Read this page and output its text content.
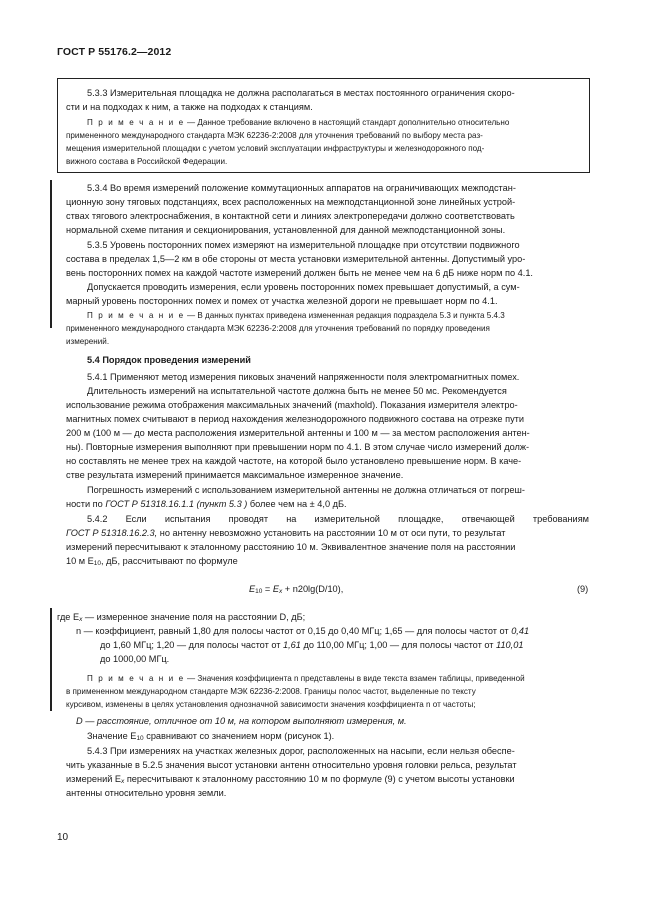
ГОСТ Р 55176.2—2012
5.3.3 Измерительная площадка не должна располагаться в местах постоянного ограничения скоро-
сти и на подходах к ним, а также на подходах к станциям.
П р и м е ч а н и е — Данное требование включено в настоящий стандарт дополнительно относительно
примененного международного стандарта МЭК 62236-2:2008 для уточнения требований по выбору места раз-
мещения измерительной площадки с учетом условий эксплуатации инфраструктуры и железнодорожного под-
вижного состава в Российской Федерации.
5.3.4 Во время измерений положение коммутационных аппаратов на ограничивающих межподстан-
ционную зону тяговых подстанциях, всех расположенных на межподстанционной зоне линейных устрой-
ствах тягового электроснабжения, в контактной сети и линиях электропередачи должно соответствовать
нормальной схеме питания и секционирования, установленной для данной межподстанционной зоны.
5.3.5 Уровень посторонних помех измеряют на измерительной площадке при отсутствии подвижного
состава в пределах 1,5—2 км в обе стороны от места установки измерительной антенны. Допустимый уро-
вень посторонних помех на каждой частоте измерений должен быть не менее чем на 6 дБ ниже норм по 4.1.
Допускается проводить измерения, если уровень посторонних помех превышает допустимый, а сум-
марный уровень посторонних помех и помех от участка железной дороги не превышает норм по 4.1.
П р и м е ч а н и е — В данных пунктах приведена измененная редакция подраздела 5.3 и пункта 5.4.3
примененного международного стандарта МЭК 62236-2:2008 для уточнения требований по порядку проведения
измерений.
5.4 Порядок проведения измерений
5.4.1 Применяют метод измерения пиковых значений напряженности поля электромагнитных помех.
Длительность измерений на испытательной частоте должна быть не менее 50 мс. Рекомендуется
использование режима отображения максимальных значений (maxhold). Показания измерителя электро-
магнитных помех считывают в период нахождения железнодорожного подвижного состава на отрезке пути
200 м (100 м — до места расположения измерительной антенны и 100 м — за местом расположения антен-
ны). Повторные измерения выполняют при превышении норм по 4.1. В этом случае число измерений долж-
но составлять не менее трех на каждой частоте, на которой было установлено превышение норм. В каче-
стве результата измерений принимается максимальное измеренное значение.
Погрешность измерений с использованием измерительной антенны не должна отличаться от погреш-
ности по ГОСТ Р 51318.16.1.1 (пункт 5.3 ) более чем на ± 4,0 дБ.
5.4.2 Если испытания проводят на измерительной площадке, отвечающей требованиям
ГОСТ Р 51318.16.2.3, но антенну невозможно установить на расстоянии 10 м от оси пути, то результат
измерений пересчитывают к эталонному расстоянию 10 м. Эквивалентное значение поля на расстоянии
10 м $E_{10}$, дБ, рассчитывают по формуле
$E_{10} = E_x + n20\lg(D/10)$,	(9)
где $E_x$ — измеренное значение поля на расстоянии D, дБ;
n — коэффициент, равный 1,80 для полосы частот от 0,15 до 0,40 МГц; 1,65 — для полосы частот от 0,41
до 1,60 МГц; 1,20 — для полосы частот от 1,61 до 110,00 МГц; 1,00 — для полосы частот от 110,01
до 1000,00 МГц.
П р и м е ч а н и е — Значения коэффициента n представлены в виде текста взамен таблицы, приведенной
в примененном международном стандарте МЭК 62236-2:2008. Границы полос частот, выделенные по тексту
курсивом, изменены в целях установления однозначной зависимости значения коэффициента n от частоты;
D — расстояние, отличное от 10 м, на котором выполняют измерения, м.
Значение $E_{10}$ сравнивают со значением норм (рисунок 1).
5.4.3 При измерениях на участках железных дорог, расположенных на насыпи, если нельзя обеспе-
чить указанные в 5.2.5 значения высот установки антенн относительно уровня головки рельса, результат
измерений $E_x$ пересчитывают к эталонному расстоянию 10 м по формуле (9) с учетом высоты установки
антенны относительно уровня земли.
10
